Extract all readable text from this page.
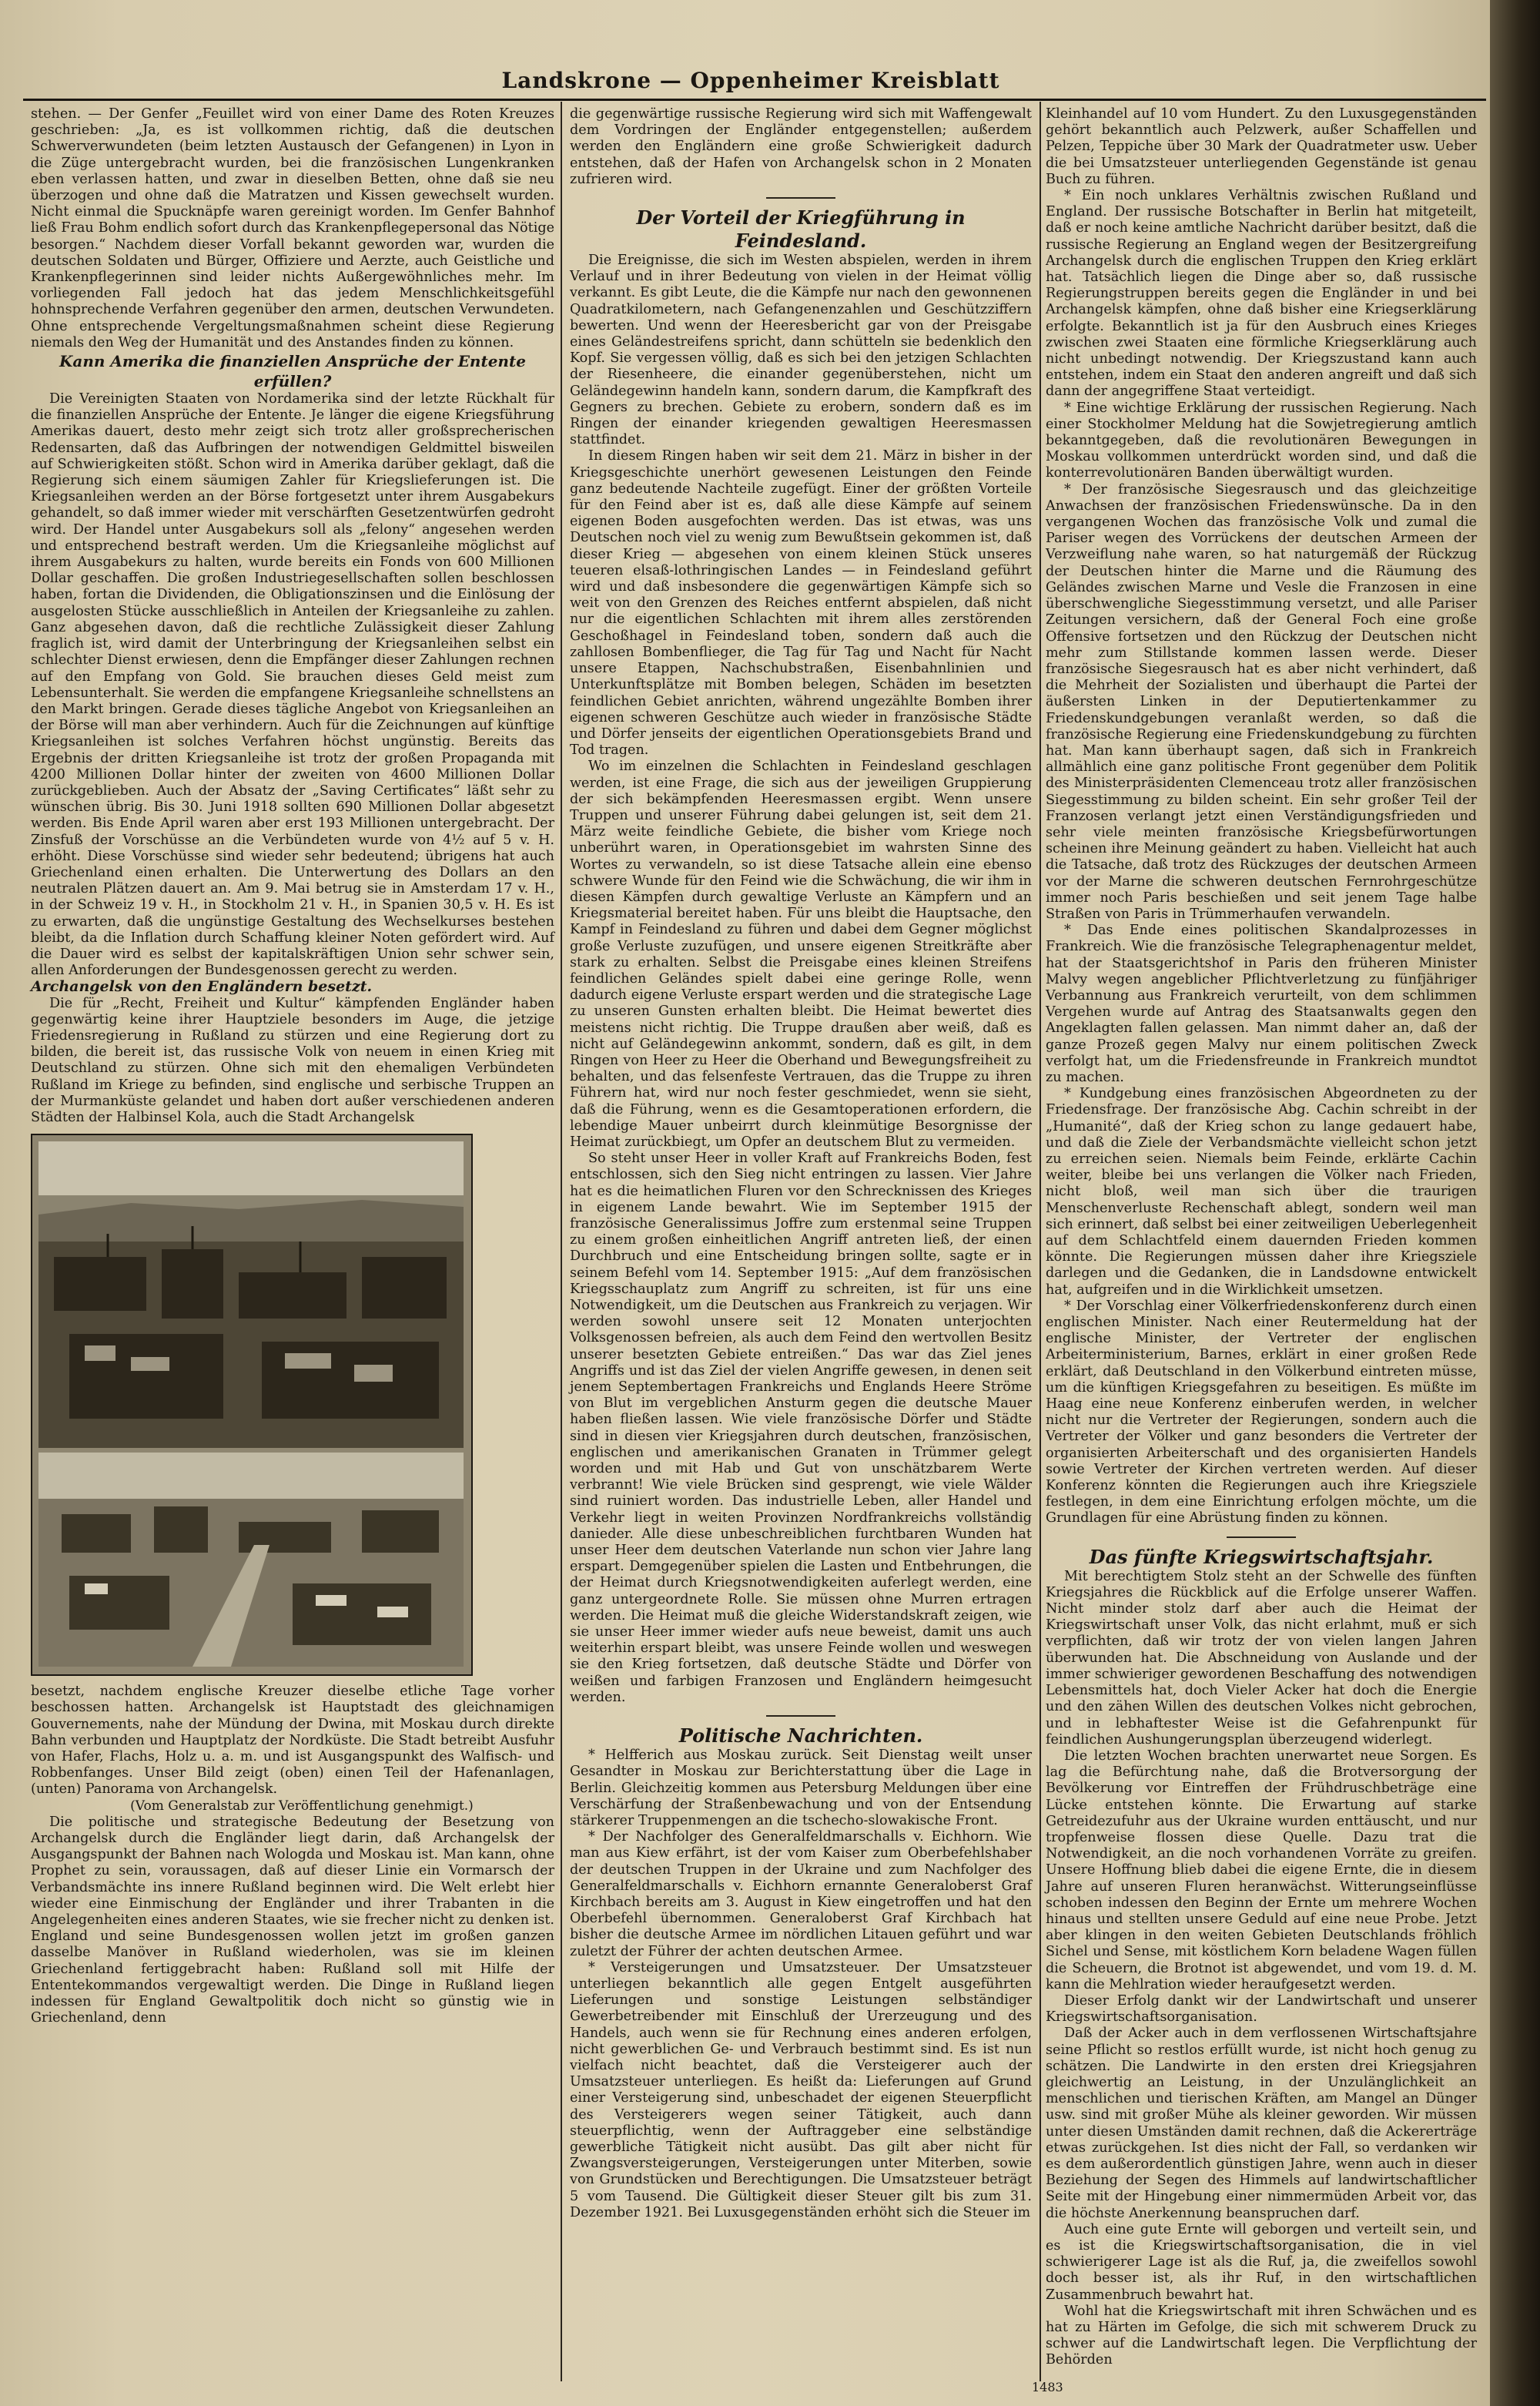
Landskrone — Oppenheimer Kreisblatt

stehen. — Der Genfer „Feuillet wird von einer Dame des Roten Kreuzes geschrieben: „Ja, es ist vollkommen richtig, daß die deutschen Schwerverwundeten (beim letzten Austausch der Gefangenen) in Lyon in die Züge untergebracht wurden, bei die französischen Lungenkranken eben verlassen hatten, und zwar in dieselben Betten, ohne daß sie neu überzogen und ohne daß die Matratzen und Kissen gewechselt wurden. Nicht einmal die Spucknäpfe waren gereinigt worden. Im Genfer Bahnhof ließ Frau Bohm endlich sofort durch das Krankenpflegepersonal das Nötige besorgen.“ Nachdem dieser Vorfall bekannt geworden war, wurden die deutschen Soldaten und Bürger, Offiziere und Aerzte, auch Geistliche und Krankenpflegerinnen sind leider nichts Außergewöhnliches mehr. Im vorliegenden Fall jedoch hat das jedem Menschlichkeitsgefühl hohnsprechende Verfahren gegenüber den armen, deutschen Verwundeten. Ohne entsprechende Vergeltungsmaßnahmen scheint diese Regierung niemals den Weg der Humanität und des Anstandes finden zu können.

Kann Amerika die finanziellen Ansprüche der Entente erfüllen?

Die Vereinigten Staaten von Nordamerika sind der letzte Rückhalt für die finanziellen Ansprüche der Entente. Je länger die eigene Kriegsführung Amerikas dauert, desto mehr zeigt sich trotz aller großsprecherischen Redensarten, daß das Aufbringen der notwendigen Geldmittel bisweilen auf Schwierigkeiten stößt. Schon wird in Amerika darüber geklagt, daß die Regierung sich einem säumigen Zahler für Kriegslieferungen ist. Die Kriegsanleihen werden an der Börse fortgesetzt unter ihrem Ausgabekurs gehandelt, so daß immer wieder mit verschärften Gesetzentwürfen gedroht wird. Der Handel unter Ausgabekurs soll als „felony“ angesehen werden und entsprechend bestraft werden. Um die Kriegsanleihe möglichst auf ihrem Ausgabekurs zu halten, wurde bereits ein Fonds von 600 Millionen Dollar geschaffen. Die großen Industriegesellschaften sollen beschlossen haben, fortan die Dividenden, die Obligationszinsen und die Einlösung der ausgelosten Stücke ausschließlich in Anteilen der Kriegsanleihe zu zahlen. Ganz abgesehen davon, daß die rechtliche Zulässigkeit dieser Zahlung fraglich ist, wird damit der Unterbringung der Kriegsanleihen selbst ein schlechter Dienst erwiesen, denn die Empfänger dieser Zahlungen rechnen auf den Empfang von Gold. Sie brauchen dieses Geld meist zum Lebensunterhalt. Sie werden die empfangene Kriegsanleihe schnellstens an den Markt bringen. Gerade dieses tägliche Angebot von Kriegsanleihen an der Börse will man aber verhindern. Auch für die Zeichnungen auf künftige Kriegsanleihen ist solches Verfahren höchst ungünstig. Bereits das Ergebnis der dritten Kriegsanleihe ist trotz der großen Propaganda mit 4200 Millionen Dollar hinter der zweiten von 4600 Millionen Dollar zurückgeblieben. Auch der Absatz der „Saving Certificates“ läßt sehr zu wünschen übrig. Bis 30. Juni 1918 sollten 690 Millionen Dollar abgesetzt werden. Bis Ende April waren aber erst 193 Millionen untergebracht. Der Zinsfuß der Vorschüsse an die Verbündeten wurde von 4½ auf 5 v. H. erhöht. Diese Vorschüsse sind wieder sehr bedeutend; übrigens hat auch Griechenland einen erhalten. Die Unterwertung des Dollars an den neutralen Plätzen dauert an. Am 9. Mai betrug sie in Amsterdam 17 v. H., in der Schweiz 19 v. H., in Stockholm 21 v. H., in Spanien 30,5 v. H. Es ist zu erwarten, daß die ungünstige Gestaltung des Wechselkurses bestehen bleibt, da die Inflation durch Schaffung kleiner Noten gefördert wird. Auf die Dauer wird es selbst der kapitalskräftigen Union sehr schwer sein, allen Anforderungen der Bundesgenossen gerecht zu werden.

Archangelsk von den Engländern besetzt.

Die für „Recht, Freiheit und Kultur“ kämpfenden Engländer haben gegenwärtig keine ihrer Hauptziele besonders im Auge, die jetzige Friedensregierung in Rußland zu stürzen und eine Regierung dort zu bilden, die bereit ist, das russische Volk von neuem in einen Krieg mit Deutschland zu stürzen. Ohne sich mit den ehemaligen Verbündeten Rußland im Kriege zu befinden, sind englische und serbische Truppen an der Murmanküste gelandet und haben dort außer verschiedenen anderen Städten der Halbinsel Kola, auch die Stadt Archangelsk

besetzt, nachdem englische Kreuzer dieselbe etliche Tage vorher beschossen hatten. Archangelsk ist Hauptstadt des gleichnamigen Gouvernements, nahe der Mündung der Dwina, mit Moskau durch direkte Bahn verbunden und Hauptplatz der Nordküste. Die Stadt betreibt Ausfuhr von Hafer, Flachs, Holz u. a. m. und ist Ausgangspunkt des Walfisch- und Robbenfanges. Unser Bild zeigt (oben) einen Teil der Hafenanlagen, (unten) Panorama von Archangelsk.

(Vom Generalstab zur Veröffentlichung genehmigt.)

Die politische und strategische Bedeutung der Besetzung von Archangelsk durch die Engländer liegt darin, daß Archangelsk der Ausgangspunkt der Bahnen nach Wologda und Moskau ist. Man kann, ohne Prophet zu sein, voraussagen, daß auf dieser Linie ein Vormarsch der Verbandsmächte ins innere Rußland beginnen wird. Die Welt erlebt hier wieder eine Einmischung der Engländer und ihrer Trabanten in die Angelegenheiten eines anderen Staates, wie sie frecher nicht zu denken ist. England und seine Bundesgenossen wollen jetzt im großen ganzen dasselbe Manöver in Rußland wiederholen, was sie im kleinen Griechenland fertiggebracht haben: Rußland soll mit Hilfe der Ententekommandos vergewaltigt werden. Die Dinge in Rußland liegen indessen für England Gewaltpolitik doch nicht so günstig wie in Griechenland, denn

die gegenwärtige russische Regierung wird sich mit Waffengewalt dem Vordringen der Engländer entgegenstellen; außerdem werden den Engländern eine große Schwierigkeit dadurch entstehen, daß der Hafen von Archangelsk schon in 2 Monaten zufrieren wird.

Der Vorteil der Kriegführung in Feindesland.

Die Ereignisse, die sich im Westen abspielen, werden in ihrem Verlauf und in ihrer Bedeutung von vielen in der Heimat völlig verkannt. Es gibt Leute, die die Kämpfe nur nach den gewonnenen Quadratkilometern, nach Gefangenenzahlen und Geschützziffern bewerten. Und wenn der Heeresbericht gar von der Preisgabe eines Geländestreifens spricht, dann schütteln sie bedenklich den Kopf. Sie vergessen völlig, daß es sich bei den jetzigen Schlachten der Riesenheere, die einander gegenüberstehen, nicht um Geländegewinn handeln kann, sondern darum, die Kampfkraft des Gegners zu brechen. Gebiete zu erobern, sondern daß es im Ringen der einander kriegenden gewaltigen Heeresmassen stattfindet.

In diesem Ringen haben wir seit dem 21. März in bisher in der Kriegsgeschichte unerhört gewesenen Leistungen den Feinde ganz bedeutende Nachteile zugefügt. Einer der größten Vorteile für den Feind aber ist es, daß alle diese Kämpfe auf seinem eigenen Boden ausgefochten werden. Das ist etwas, was uns Deutschen noch viel zu wenig zum Bewußtsein gekommen ist, daß dieser Krieg — abgesehen von einem kleinen Stück unseres teueren elsaß-lothringischen Landes — in Feindesland geführt wird und daß insbesondere die gegenwärtigen Kämpfe sich so weit von den Grenzen des Reiches entfernt abspielen, daß nicht nur die eigentlichen Schlachten mit ihrem alles zerstörenden Geschoßhagel in Feindesland toben, sondern daß auch die zahllosen Bombenflieger, die Tag für Tag und Nacht für Nacht unsere Etappen, Nachschubstraßen, Eisenbahnlinien und Unterkunftsplätze mit Bomben belegen, Schäden im besetzten feindlichen Gebiet anrichten, während ungezählte Bomben ihrer eigenen schweren Geschütze auch wieder in französische Städte und Dörfer jenseits der eigentlichen Operationsgebiets Brand und Tod tragen.

Wo im einzelnen die Schlachten in Feindesland geschlagen werden, ist eine Frage, die sich aus der jeweiligen Gruppierung der sich bekämpfenden Heeresmassen ergibt. Wenn unsere Truppen und unserer Führung dabei gelungen ist, seit dem 21. März weite feindliche Gebiete, die bisher vom Kriege noch unberührt waren, in Operationsgebiet im wahrsten Sinne des Wortes zu verwandeln, so ist diese Tatsache allein eine ebenso schwere Wunde für den Feind wie die Schwächung, die wir ihm in diesen Kämpfen durch gewaltige Verluste an Kämpfern und an Kriegsmaterial bereitet haben. Für uns bleibt die Hauptsache, den Kampf in Feindesland zu führen und dabei dem Gegner möglichst große Verluste zuzufügen, und unsere eigenen Streitkräfte aber stark zu erhalten. Selbst die Preisgabe eines kleinen Streifens feindlichen Geländes spielt dabei eine geringe Rolle, wenn dadurch eigene Verluste erspart werden und die strategische Lage zu unseren Gunsten erhalten bleibt. Die Heimat bewertet dies meistens nicht richtig. Die Truppe draußen aber weiß, daß es nicht auf Geländegewinn ankommt, sondern, daß es gilt, in dem Ringen von Heer zu Heer die Oberhand und Bewegungsfreiheit zu behalten, und das felsenfeste Vertrauen, das die Truppe zu ihren Führern hat, wird nur noch fester geschmiedet, wenn sie sieht, daß die Führung, wenn es die Gesamtoperationen erfordern, die lebendige Mauer unbeirrt durch kleinmütige Besorgnisse der Heimat zurückbiegt, um Opfer an deutschem Blut zu vermeiden.

So steht unser Heer in voller Kraft auf Frankreichs Boden, fest entschlossen, sich den Sieg nicht entringen zu lassen. Vier Jahre hat es die heimatlichen Fluren vor den Schrecknissen des Krieges in eigenem Lande bewahrt. Wie im September 1915 der französische Generalissimus Joffre zum erstenmal seine Truppen zu einem großen einheitlichen Angriff antreten ließ, der einen Durchbruch und eine Entscheidung bringen sollte, sagte er in seinem Befehl vom 14. September 1915: „Auf dem französischen Kriegsschauplatz zum Angriff zu schreiten, ist für uns eine Notwendigkeit, um die Deutschen aus Frankreich zu verjagen. Wir werden sowohl unsere seit 12 Monaten unterjochten Volksgenossen befreien, als auch dem Feind den wertvollen Besitz unserer besetzten Gebiete entreißen.“ Das war das Ziel jenes Angriffs und ist das Ziel der vielen Angriffe gewesen, in denen seit jenem Septembertagen Frankreichs und Englands Heere Ströme von Blut im vergeblichen Ansturm gegen die deutsche Mauer haben fließen lassen. Wie viele französische Dörfer und Städte sind in diesen vier Kriegsjahren durch deutschen, französischen, englischen und amerikanischen Granaten in Trümmer gelegt worden und mit Hab und Gut von unschätzbarem Werte verbrannt! Wie viele Brücken sind gesprengt, wie viele Wälder sind ruiniert worden. Das industrielle Leben, aller Handel und Verkehr liegt in weiten Provinzen Nordfrankreichs vollständig danieder. Alle diese unbeschreiblichen furchtbaren Wunden hat unser Heer dem deutschen Vaterlande nun schon vier Jahre lang erspart. Demgegenüber spielen die Lasten und Entbehrungen, die der Heimat durch Kriegsnotwendigkeiten auferlegt werden, eine ganz untergeordnete Rolle. Sie müssen ohne Murren ertragen werden. Die Heimat muß die gleiche Widerstandskraft zeigen, wie sie unser Heer immer wieder aufs neue beweist, damit uns auch weiterhin erspart bleibt, was unsere Feinde wollen und weswegen sie den Krieg fortsetzen, daß deutsche Städte und Dörfer von weißen und farbigen Franzosen und Engländern heimgesucht werden.

Politische Nachrichten.

* Helfferich aus Moskau zurück. Seit Dienstag weilt unser Gesandter in Moskau zur Berichterstattung über die Lage in Berlin. Gleichzeitig kommen aus Petersburg Meldungen über eine Verschärfung der Straßenbewachung und von der Entsendung stärkerer Truppenmengen an die tschecho-slowakische Front.

* Der Nachfolger des Generalfeldmarschalls v. Eichhorn. Wie man aus Kiew erfährt, ist der vom Kaiser zum Oberbefehlshaber der deutschen Truppen in der Ukraine und zum Nachfolger des Generalfeldmarschalls v. Eichhorn ernannte Generaloberst Graf Kirchbach bereits am 3. August in Kiew eingetroffen und hat den Oberbefehl übernommen. Generaloberst Graf Kirchbach hat bisher die deutsche Armee im nördlichen Litauen geführt und war zuletzt der Führer der achten deutschen Armee.

* Versteigerungen und Umsatzsteuer. Der Umsatzsteuer unterliegen bekanntlich alle gegen Entgelt ausgeführten Lieferungen und sonstige Leistungen selbständiger Gewerbetreibender mit Einschluß der Urerzeugung und des Handels, auch wenn sie für Rechnung eines anderen erfolgen, nicht gewerblichen Ge- und Verbrauch bestimmt sind. Es ist nun vielfach nicht beachtet, daß die Versteigerer auch der Umsatzsteuer unterliegen. Es heißt da: Lieferungen auf Grund einer Versteigerung sind, unbeschadet der eigenen Steuerpflicht des Versteigerers wegen seiner Tätigkeit, auch dann steuerpflichtig, wenn der Auftraggeber eine selbständige gewerbliche Tätigkeit nicht ausübt. Das gilt aber nicht für Zwangsversteigerungen, Versteigerungen unter Miterben, sowie von Grundstücken und Berechtigungen. Die Umsatzsteuer beträgt 5 vom Tausend. Die Gültigkeit dieser Steuer gilt bis zum 31. Dezember 1921. Bei Luxusgegenständen erhöht sich die Steuer im

Kleinhandel auf 10 vom Hundert. Zu den Luxusgegenständen gehört bekanntlich auch Pelzwerk, außer Schaffellen und Pelzen, Teppiche über 30 Mark der Quadratmeter usw. Ueber die bei Umsatzsteuer unterliegenden Gegenstände ist genau Buch zu führen.

* Ein noch unklares Verhältnis zwischen Rußland und England. Der russische Botschafter in Berlin hat mitgeteilt, daß er noch keine amtliche Nachricht darüber besitzt, daß die russische Regierung an England wegen der Besitzergreifung Archangelsk durch die englischen Truppen den Krieg erklärt hat. Tatsächlich liegen die Dinge aber so, daß russische Regierungstruppen bereits gegen die Engländer in und bei Archangelsk kämpfen, ohne daß bisher eine Kriegserklärung erfolgte. Bekanntlich ist ja für den Ausbruch eines Krieges zwischen zwei Staaten eine förmliche Kriegserklärung auch nicht unbedingt notwendig. Der Kriegszustand kann auch entstehen, indem ein Staat den anderen angreift und daß sich dann der angegriffene Staat verteidigt.

* Eine wichtige Erklärung der russischen Regierung. Nach einer Stockholmer Meldung hat die Sowjetregierung amtlich bekanntgegeben, daß die revolutionären Bewegungen in Moskau vollkommen unterdrückt worden sind, und daß die konterrevolutionären Banden überwältigt wurden.

* Der französische Siegesrausch und das gleichzeitige Anwachsen der französischen Friedenswünsche. Da in den vergangenen Wochen das französische Volk und zumal die Pariser wegen des Vorrückens der deutschen Armeen der Verzweiflung nahe waren, so hat naturgemäß der Rückzug der Deutschen hinter die Marne und die Räumung des Geländes zwischen Marne und Vesle die Franzosen in eine überschwengliche Siegesstimmung versetzt, und alle Pariser Zeitungen versichern, daß der General Foch eine große Offensive fortsetzen und den Rückzug der Deutschen nicht mehr zum Stillstande kommen lassen werde. Dieser französische Siegesrausch hat es aber nicht verhindert, daß die Mehrheit der Sozialisten und überhaupt die Partei der äußersten Linken in der Deputiertenkammer zu Friedenskundgebungen veranlaßt werden, so daß die französische Regierung eine Friedenskundgebung zu fürchten hat. Man kann überhaupt sagen, daß sich in Frankreich allmählich eine ganz politische Front gegenüber dem Politik des Ministerpräsidenten Clemenceau trotz aller französischen Siegesstimmung zu bilden scheint. Ein sehr großer Teil der Franzosen verlangt jetzt einen Verständigungsfrieden und sehr viele meinten französische Kriegsbefürwortungen scheinen ihre Meinung geändert zu haben. Vielleicht hat auch die Tatsache, daß trotz des Rückzuges der deutschen Armeen vor der Marne die schweren deutschen Fernrohrgeschütze immer noch Paris beschießen und seit jenem Tage halbe Straßen von Paris in Trümmerhaufen verwandeln.

* Das Ende eines politischen Skandalprozesses in Frankreich. Wie die französische Telegraphenagentur meldet, hat der Staatsgerichtshof in Paris den früheren Minister Malvy wegen angeblicher Pflichtverletzung zu fünfjähriger Verbannung aus Frankreich verurteilt, von dem schlimmen Vergehen wurde auf Antrag des Staatsanwalts gegen den Angeklagten fallen gelassen. Man nimmt daher an, daß der ganze Prozeß gegen Malvy nur einem politischen Zweck verfolgt hat, um die Friedensfreunde in Frankreich mundtot zu machen.

* Kundgebung eines französischen Abgeordneten zu der Friedensfrage. Der französische Abg. Cachin schreibt in der „Humanité“, daß der Krieg schon zu lange gedauert habe, und daß die Ziele der Verbandsmächte vielleicht schon jetzt zu erreichen seien. Niemals beim Feinde, erklärte Cachin weiter, bleibe bei uns verlangen die Völker nach Frieden, nicht bloß, weil man sich über die traurigen Menschenverluste Rechenschaft ablegt, sondern weil man sich erinnert, daß selbst bei einer zeitweiligen Ueberlegenheit auf dem Schlachtfeld einem dauernden Frieden kommen könnte. Die Regierungen müssen daher ihre Kriegsziele darlegen und die Gedanken, die in Landsdowne entwickelt hat, aufgreifen und in die Wirklichkeit umsetzen.

* Der Vorschlag einer Völkerfriedenskonferenz durch einen englischen Minister. Nach einer Reutermeldung hat der englische Minister, der Vertreter der englischen Arbeiterministerium, Barnes, erklärt in einer großen Rede erklärt, daß Deutschland in den Völkerbund eintreten müsse, um die künftigen Kriegsgefahren zu beseitigen. Es müßte im Haag eine neue Konferenz einberufen werden, in welcher nicht nur die Vertreter der Regierungen, sondern auch die Vertreter der Völker und ganz besonders die Vertreter der organisierten Arbeiterschaft und des organisierten Handels sowie Vertreter der Kirchen vertreten werden. Auf dieser Konferenz könnten die Regierungen auch ihre Kriegsziele festlegen, in dem eine Einrichtung erfolgen möchte, um die Grundlagen für eine Abrüstung finden zu können.

Das fünfte Kriegswirtschaftsjahr.

Mit berechtigtem Stolz steht an der Schwelle des fünften Kriegsjahres die Rückblick auf die Erfolge unserer Waffen. Nicht minder stolz darf aber auch die Heimat der Kriegswirtschaft unser Volk, das nicht erlahmt, muß er sich verpflichten, daß wir trotz der von vielen langen Jahren überwunden hat. Die Abschneidung von Auslande und der immer schwieriger gewordenen Beschaffung des notwendigen Lebensmittels hat, doch Vieler Acker hat doch die Energie und den zähen Willen des deutschen Volkes nicht gebrochen, und in lebhaftester Weise ist die Gefahrenpunkt für feindlichen Aushungerungsplan überzeugend widerlegt.

Die letzten Wochen brachten unerwartet neue Sorgen. Es lag die Befürchtung nahe, daß die Brotversorgung der Bevölkerung vor Eintreffen der Frühdruschbeträge eine Lücke entstehen könnte. Die Erwartung auf starke Getreidezufuhr aus der Ukraine wurden enttäuscht, und nur tropfenweise flossen diese Quelle. Dazu trat die Notwendigkeit, an die noch vorhandenen Vorräte zu greifen. Unsere Hoffnung blieb dabei die eigene Ernte, die in diesem Jahre auf unseren Fluren heranwächst. Witterungseinflüsse schoben indessen den Beginn der Ernte um mehrere Wochen hinaus und stellten unsere Geduld auf eine neue Probe. Jetzt aber klingen in den weiten Gebieten Deutschlands fröhlich Sichel und Sense, mit köstlichem Korn beladene Wagen füllen die Scheuern, die Brotnot ist abgewendet, und vom 19. d. M. kann die Mehlration wieder heraufgesetzt werden.

Dieser Erfolg dankt wir der Landwirtschaft und unserer Kriegswirtschaftsorganisation.

Daß der Acker auch in dem verflossenen Wirtschaftsjahre seine Pflicht so restlos erfüllt wurde, ist nicht hoch genug zu schätzen. Die Landwirte in den ersten drei Kriegsjahren gleichwertig an Leistung, in der Unzulänglichkeit an menschlichen und tierischen Kräften, am Mangel an Dünger usw. sind mit großer Mühe als kleiner geworden. Wir müssen unter diesen Umständen damit rechnen, daß die Ackererträge etwas zurückgehen. Ist dies nicht der Fall, so verdanken wir es dem außerordentlich günstigen Jahre, wenn auch in dieser Beziehung der Segen des Himmels auf landwirtschaftlicher Seite mit der Hingebung einer nimmermüden Arbeit vor, das die höchste Anerkennung beanspruchen darf.

Auch eine gute Ernte will geborgen und verteilt sein, und es ist die Kriegswirtschaftsorganisation, die in viel schwierigerer Lage ist als die Ruf, ja, die zweifellos sowohl doch besser ist, als ihr Ruf, in den wirtschaftlichen Zusammenbruch bewahrt hat.

Wohl hat die Kriegswirtschaft mit ihren Schwächen und es hat zu Härten im Gefolge, die sich mit schwerem Druck zu schwer auf die Landwirtschaft legen. Die Verpflichtung der Behörden

1483
